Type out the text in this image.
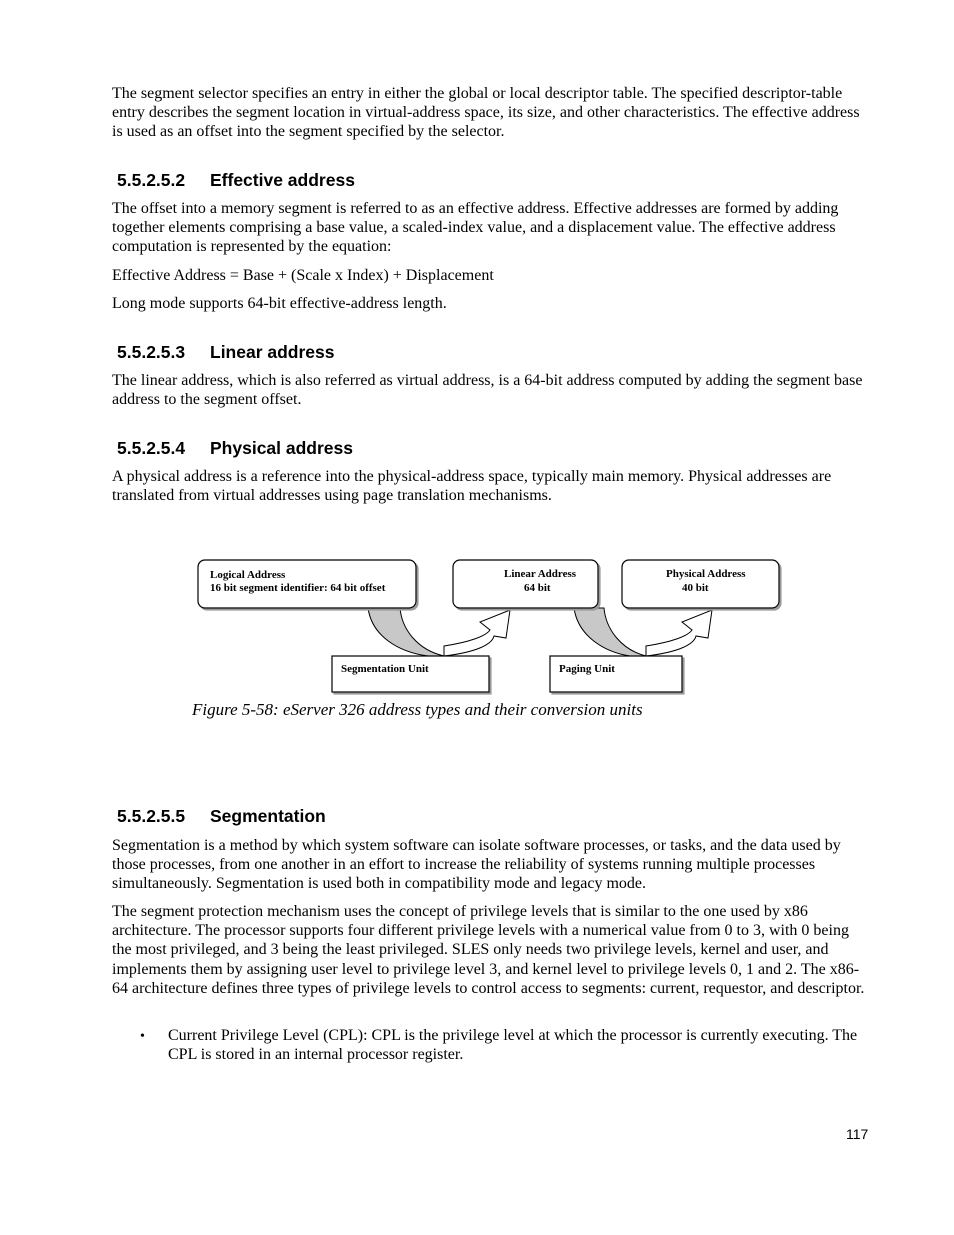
The segment selector specifies an entry in either the global or local descriptor table. The specified descriptor-table entry describes the segment location in virtual-address space, its size, and other characteristics. The effective address is used as an offset into the segment specified by the selector.

5.5.2.5.2 Effective address

The offset into a memory segment is referred to as an effective address. Effective addresses are formed by adding together elements comprising a base value, a scaled-index value, and a displacement value. The effective address computation is represented by the equation:

Effective Address = Base + (Scale x Index) + Displacement

Long mode supports 64-bit effective-address length.

5.5.2.5.3 Linear address

The linear address, which is also referred as virtual address, is a 64-bit address computed by adding the segment base address to the segment offset.

5.5.2.5.4 Physical address

A physical address is a reference into the physical-address space, typically main memory. Physical addresses are translated from virtual addresses using page translation mechanisms.

Logical Address
16 bit segment identifier: 64 bit offset
Linear Address
64 bit
Physical Address
40 bit
Segmentation Unit	Paging Unit

Figure 5-58: eServer 326 address types and their conversion units

5.5.2.5.5 Segmentation

Segmentation is a method by which system software can isolate software processes, or tasks, and the data used by those processes, from one another in an effort to increase the reliability of systems running multiple processes simultaneously. Segmentation is used both in compatibility mode and legacy mode.

The segment protection mechanism uses the concept of privilege levels that is similar to the one used by x86 architecture. The processor supports four different privilege levels with a numerical value from 0 to 3, with 0 being the most privileged, and 3 being the least privileged. SLES only needs two privilege levels, kernel and user, and implements them by assigning user level to privilege level 3, and kernel level to privilege levels 0, 1 and 2. The x86-64 architecture defines three types of privilege levels to control access to segments: current, requestor, and descriptor.

• Current Privilege Level (CPL): CPL is the privilege level at which the processor is currently executing. The CPL is stored in an internal processor register.

117
